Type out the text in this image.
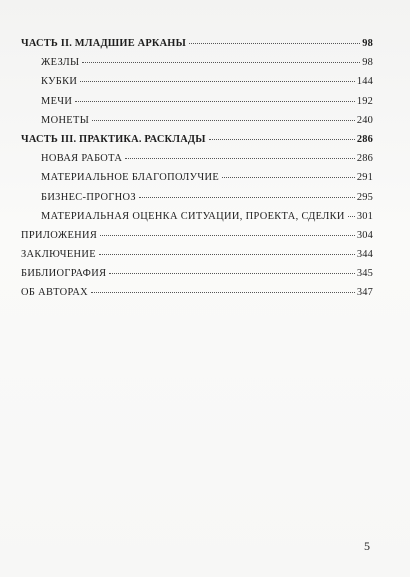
ЧАСТЬ II. МЛАДШИЕ АРКАНЫ	98
ЖЕЗЛЫ	98
КУБКИ	144
МЕЧИ	192
МОНЕТЫ	240
ЧАСТЬ III. ПРАКТИКА. РАСКЛАДЫ	286
НОВАЯ РАБОТА	286
МАТЕРИАЛЬНОЕ БЛАГОПОЛУЧИЕ	291
БИЗНЕС-ПРОГНОЗ	295
МАТЕРИАЛЬНАЯ ОЦЕНКА СИТУАЦИИ, ПРОЕКТА, СДЕЛКИ 301
ПРИЛОЖЕНИЯ	304
ЗАКЛЮЧЕНИЕ	344
БИБЛИОГРАФИЯ	345
ОБ АВТОРАХ	347
5
